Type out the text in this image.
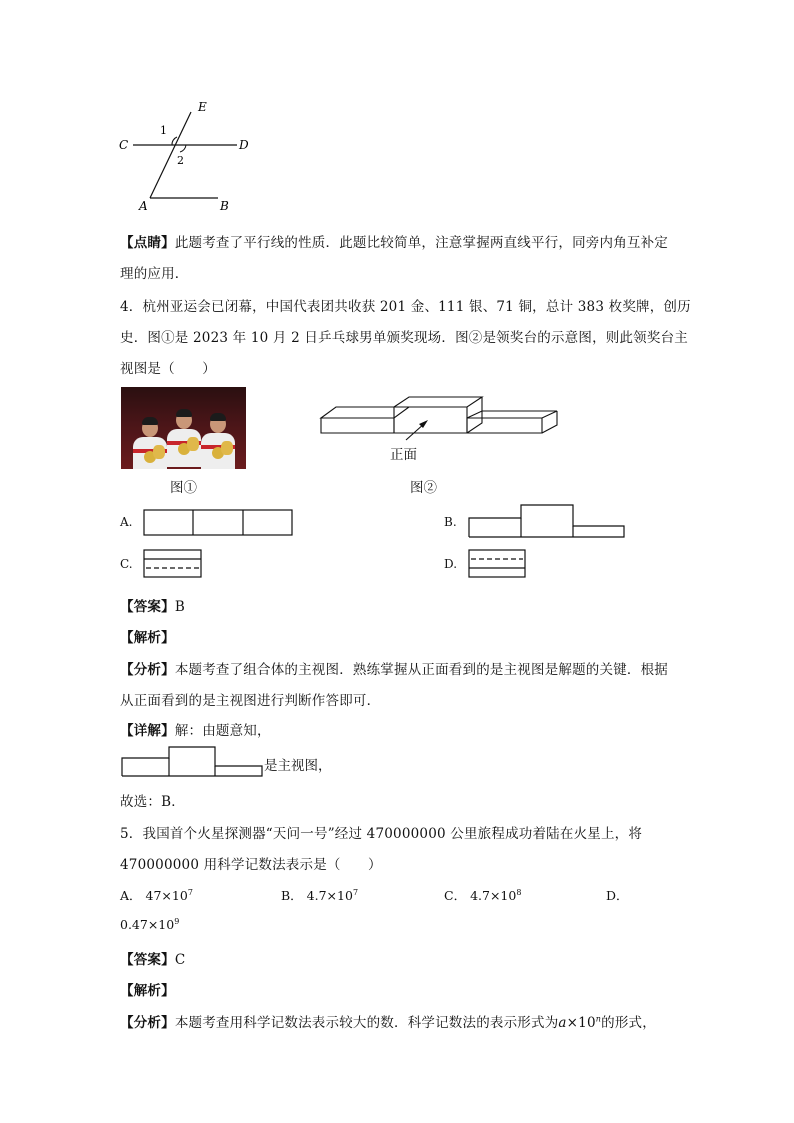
E
C	D
A	B
1
2
【点睛】此题考查了平行线的性质．此题比较简单，注意掌握两直线平行，同旁内角互补定
理的应用．
4．杭州亚运会已闭幕，中国代表团共收获 201 金、111 银、71 铜，总计 383 枚奖牌，创历
史．图①是 2023 年 10 月 2 日乒乓球男单颁奖现场．图②是领奖台的示意图，则此领奖台主
视图是（　　）
图①
正面
图②
A.	B.
C.	D.
【答案】B
【解析】
【分析】本题考查了组合体的主视图．熟练掌握从正面看到的是主视图是解题的关键．根据
从正面看到的是主视图进行判断作答即可．
【详解】解：由题意知，
是主视图，
故选：B．
5．我国首个火星探测器“天问一号”经过 470000000 公里旅程成功着陆在火星上，将
470000000 用科学记数法表示是（　　）
A． $47\times 10^7$	B． $4.7\times 10^7$	C． $4.7\times 10^8$	D．
$0.47\times 10^9$
【答案】C
【解析】
【分析】本题考查用科学记数法表示较大的数．科学记数法的表示形式为$a\times 10^n$的形式，
